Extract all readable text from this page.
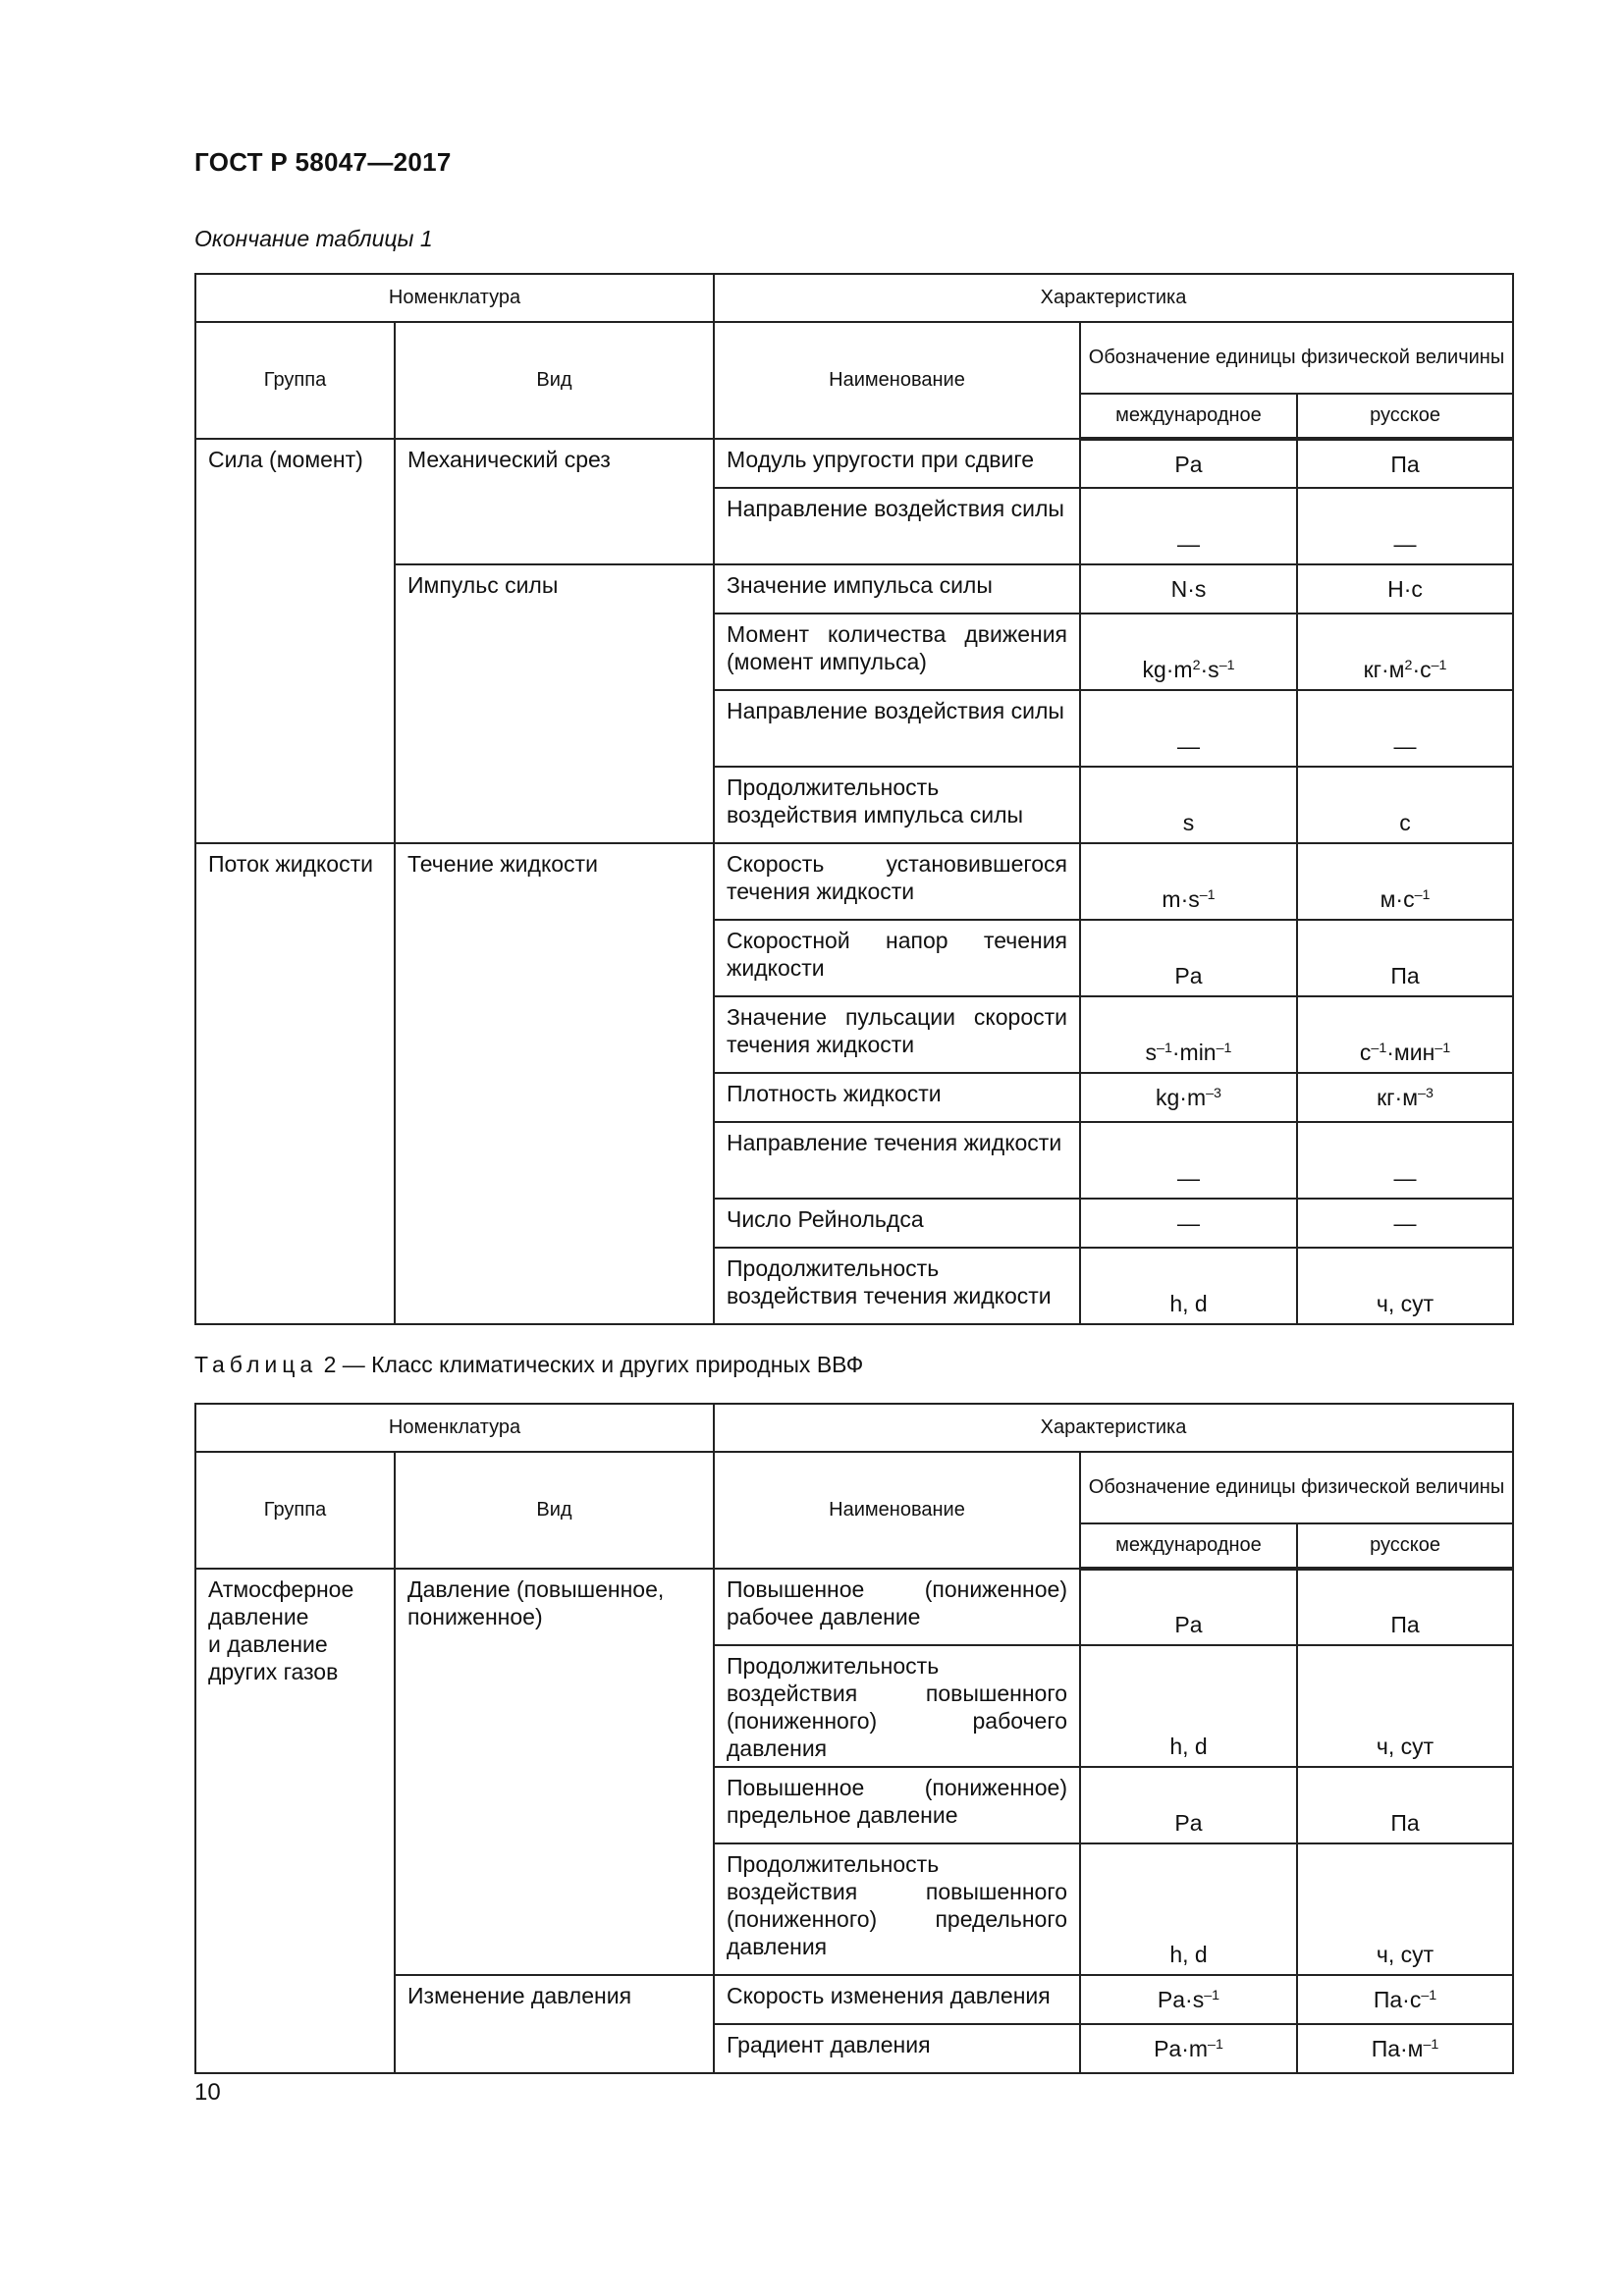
ГОСТ Р 58047—2017
Окончание таблицы 1
Номенклатура		Характеристика		
Группа	Вид	Наименование	Обозначение единицы физической величины	
			международное	русское
Сила (момент)	Механический срез	Модуль упругости при сдвиге	Pa	Па
		Направление воздействия силы	—	—
	Импульс силы	Значение импульса силы	N·s	Н·с
		Момент количества движения (момент импульса)	$kg\cdot m^2\cdot s^{-1}$	$кг\cdot м^2\cdot с^{-1}$
		Направление воздействия силы	—	—
		Продолжительность воздействия импульса силы	s	с
Поток жидкости	Течение жидкости	Скорость установившегося течения жидкости	$m\cdot s^{-1}$	$м\cdot с^{-1}$
		Скоростной напор течения жидкости	Pa	Па
		Значение пульсации скорости течения жидкости	$s^{-1}\cdot\min^{-1}$	$с^{-1}\cdot мин^{-1}$
		Плотность жидкости	$kg\cdot m^{-3}$	$кг\cdot м^{-3}$
		Направление течения жидкости	—	—
		Число Рейнольдса	—	—
		Продолжительность воздействия течения жидкости	h, d	ч, сут
Таблица 2 — Класс климатических и других природных ВВФ
Номенклатура		Характеристика		
Группа	Вид	Наименование	Обозначение единицы физической величины	
			международное	русское

Атмосферное
давление
и давление
других газов	Давление (повышенное, пониженное)	Повышенное (пониженное) рабочее давление	Pa	Па
		Продолжительность воздействия повышенного (пониженного) рабочего давления	h, d	ч, сут
		Повышенное (пониженное) предельное давление	Pa	Па
		Продолжительность воздействия повышенного (пониженного) предельного давления	h, d	ч, сут
	Изменение давления	Скорость изменения давления	$Pa\cdot s^{-1}$	$Па\cdot с^{-1}$
		Градиент давления	$Pa\cdot m^{-1}$	$Па\cdot м^{-1}$
10
